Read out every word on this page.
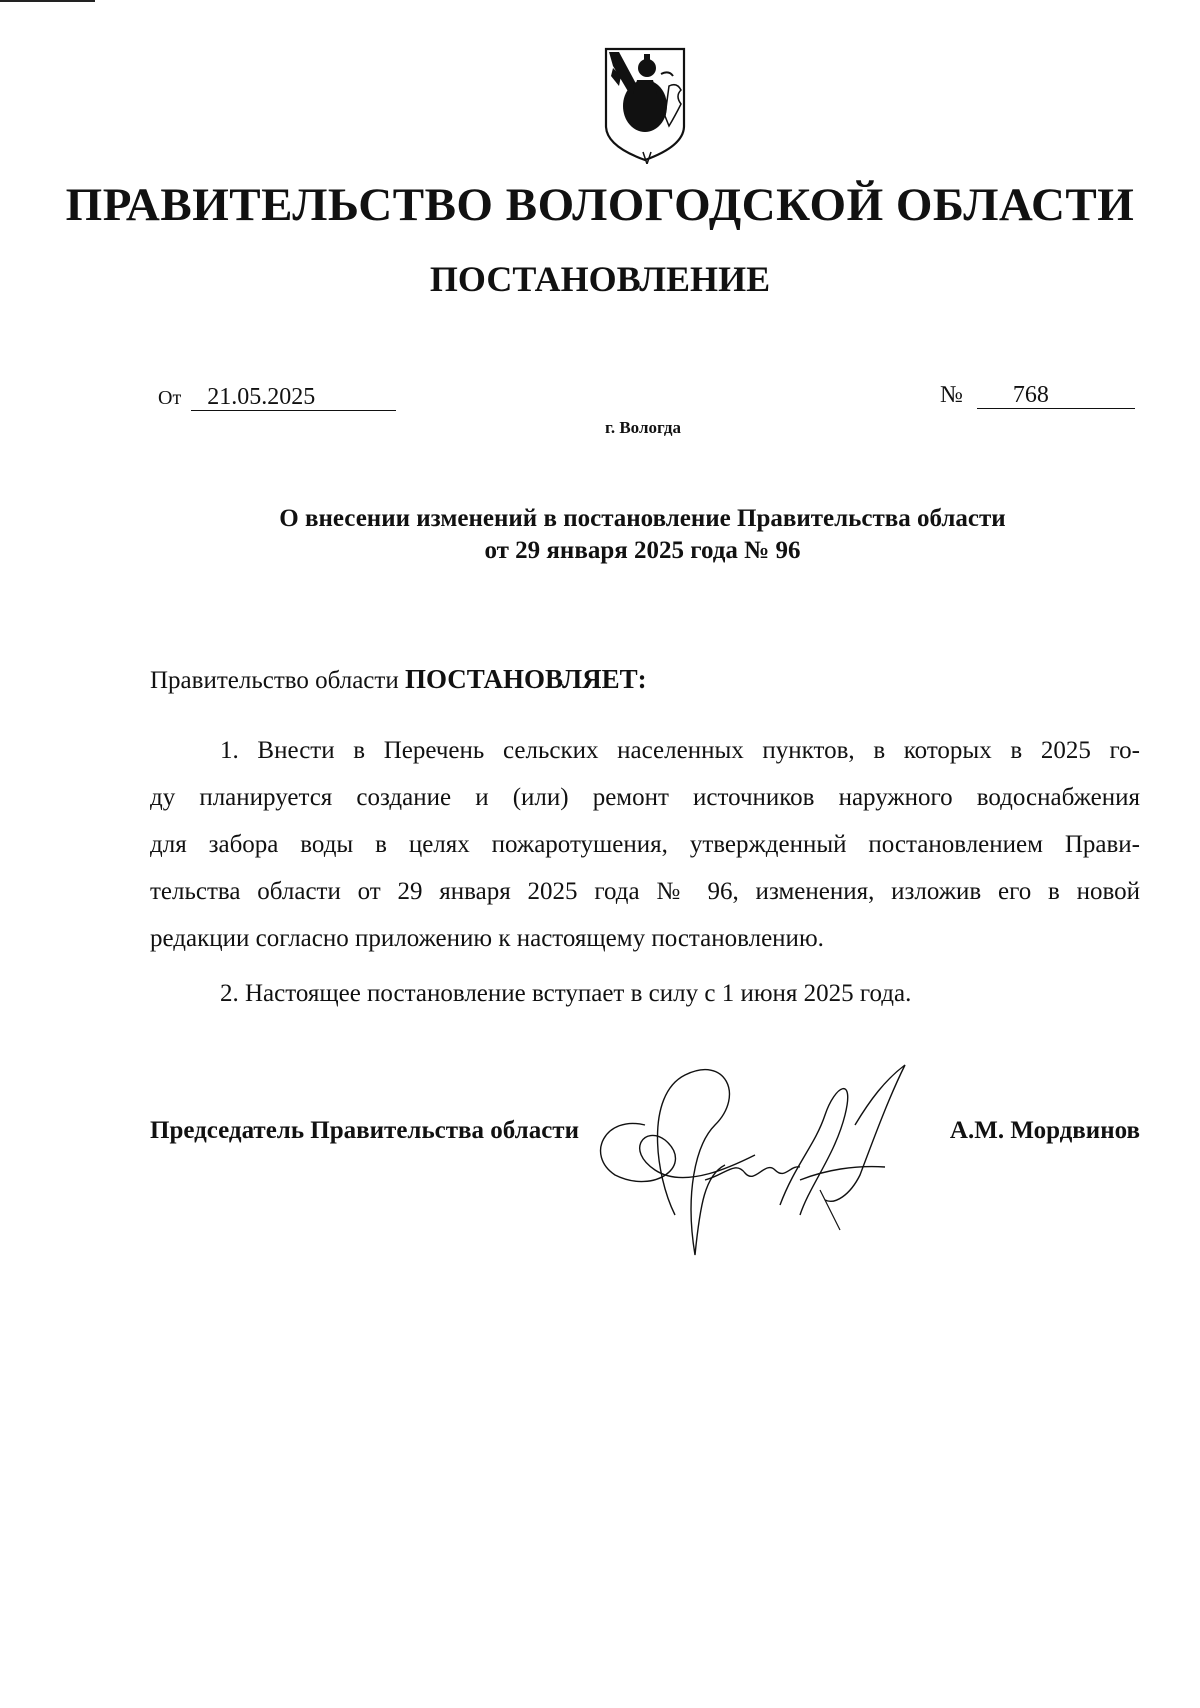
ПРАВИТЕЛЬСТВО ВОЛОГОДСКОЙ ОБЛАСТИ
ПОСТАНОВЛЕНИЕ
От 21.05.2025	№ 768
г. Вологда
О внесении изменений в постановление Правительства области
от 29 января 2025 года № 96
Правительство области ПОСТАНОВЛЯЕТ:
1. Внести в Перечень сельских населенных пунктов, в которых в 2025 го-
ду планируется создание и (или) ремонт источников наружного водоснабжения
для забора воды в целях пожаротушения, утвержденный постановлением Прави-
тельства области от 29 января 2025 года № 96, изменения, изложив его в новой
редакции согласно приложению к настоящему постановлению.
2. Настоящее постановление вступает в силу с 1 июня 2025 года.
Председатель Правительства области	А.М. Мордвинов
